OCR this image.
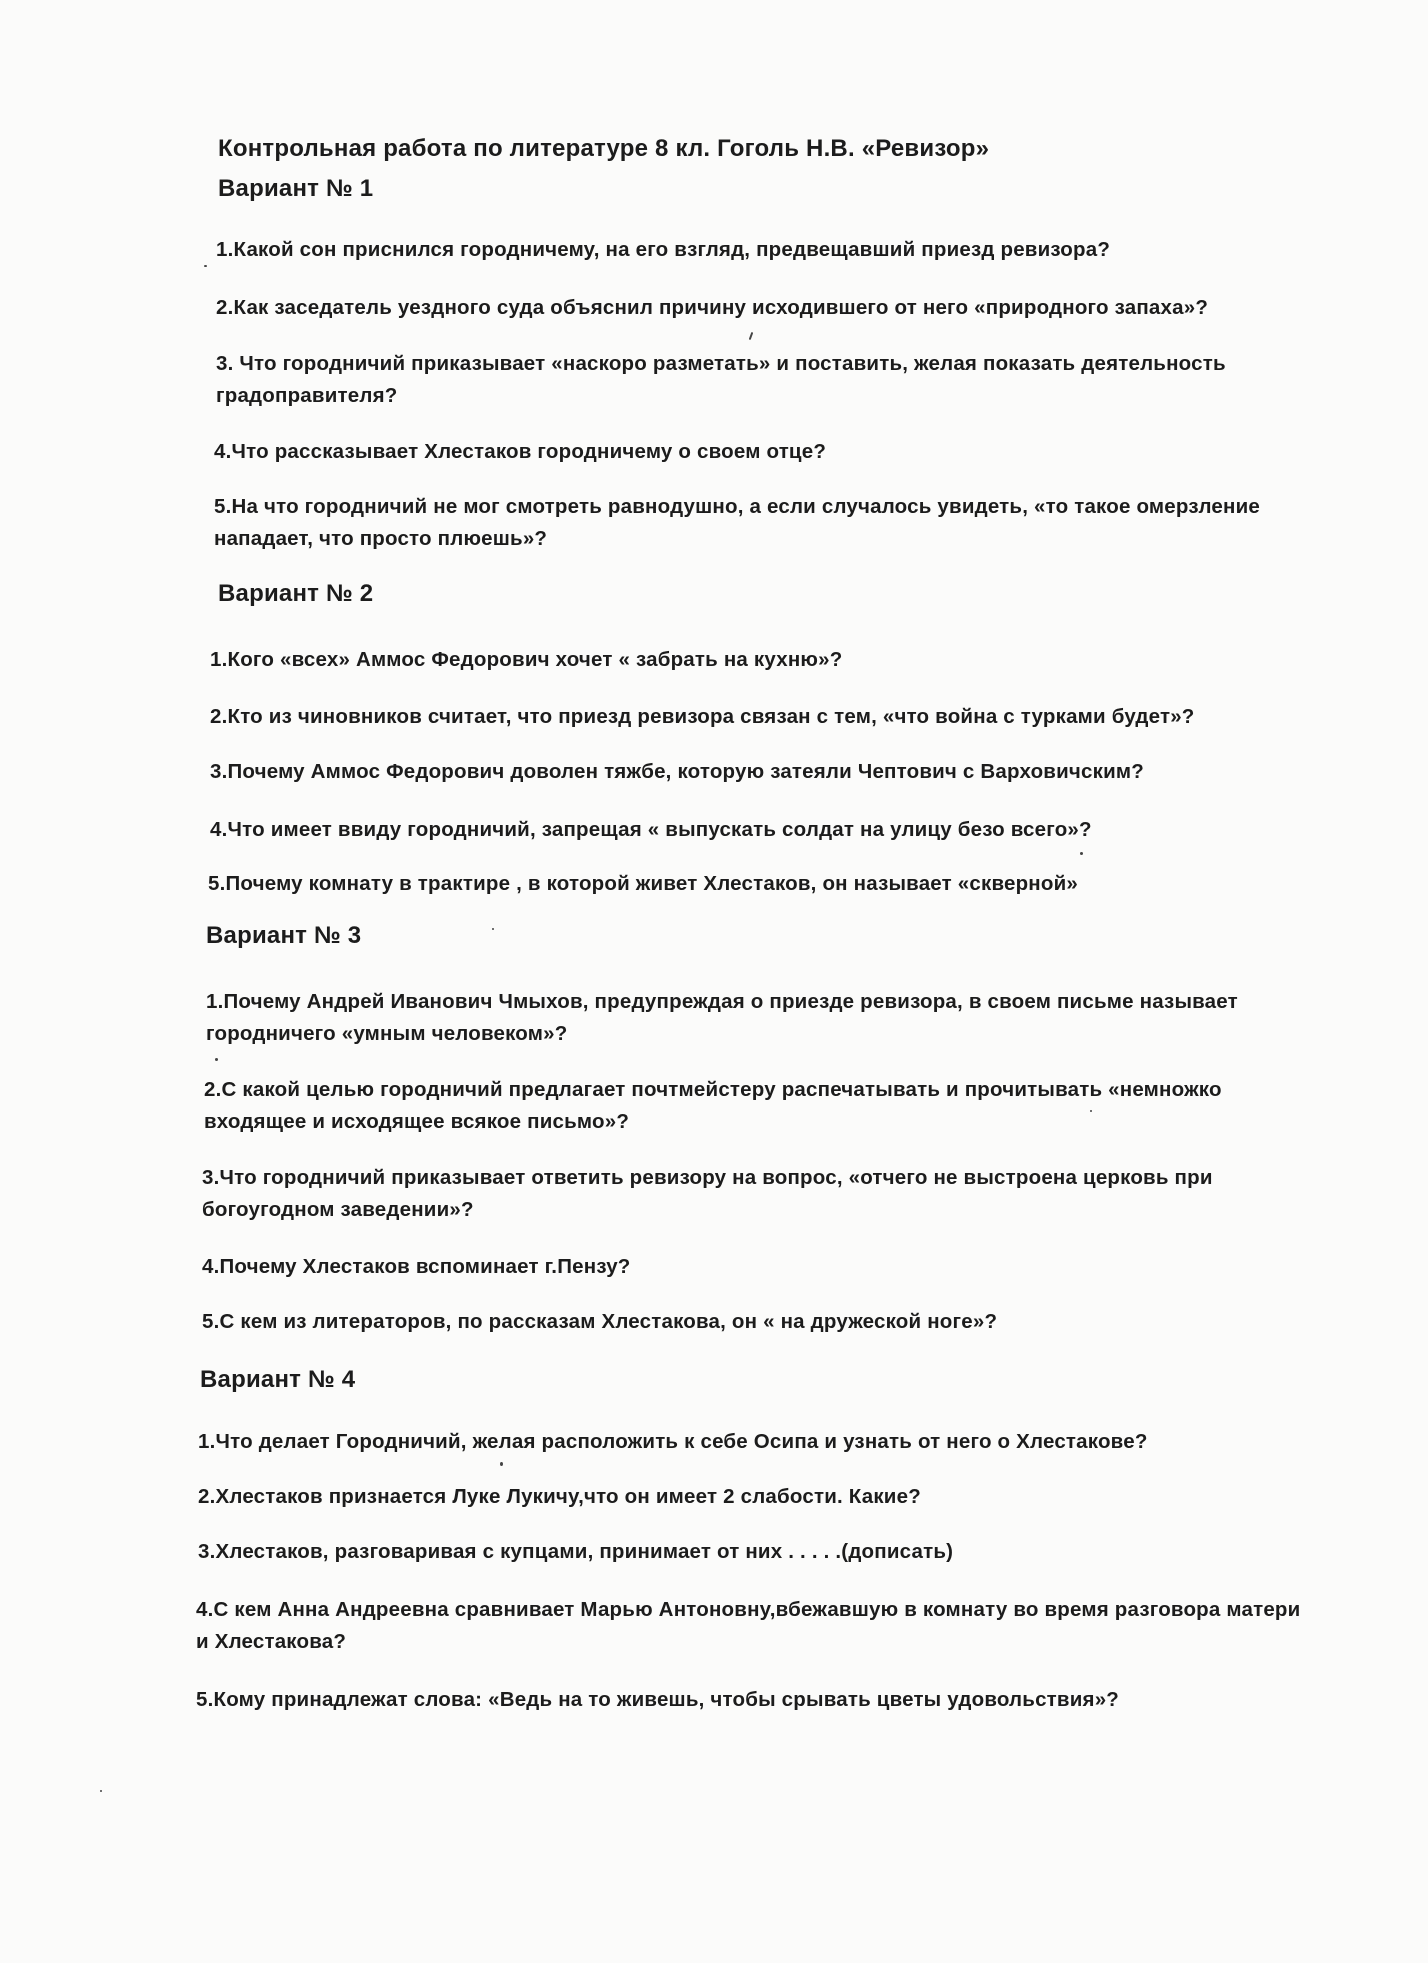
Контрольная работа по литературе 8 кл. Гоголь Н.В. «Ревизор»
Вариант № 1
1.Какой сон приснился городничему, на его взгляд, предвещавший приезд ревизора?
2.Как заседатель уездного суда объяснил причину исходившего от него «природного запаха»?
3. Что городничий приказывает «наскоро разметать» и поставить, желая показать деятельность
градоправителя?
4.Что рассказывает Хлестаков городничему о своем отце?
5.На что городничий не мог смотреть равнодушно, а если случалось увидеть, «то такое омерзление
нападает, что просто плюешь»?
Вариант № 2
1.Кого «всех» Аммос Федорович хочет « забрать на кухню»?
2.Кто из чиновников считает, что приезд ревизора связан с тем, «что война с турками будет»?
3.Почему Аммос Федорович доволен тяжбе, которую затеяли Чептович с Варховичским?
4.Что имеет ввиду городничий, запрещая « выпускать солдат на улицу безо всего»?
5.Почему комнату в трактире , в которой живет Хлестаков, он называет «скверной»
Вариант № 3
1.Почему Андрей Иванович Чмыхов, предупреждая о приезде ревизора, в своем письме называет
городничего «умным человеком»?
2.С какой целью городничий предлагает почтмейстеру распечатывать и прочитывать «немножко
входящее и исходящее всякое письмо»?
3.Что городничий приказывает ответить ревизору на вопрос, «отчего не выстроена церковь при
богоугодном заведении»?
4.Почему Хлестаков вспоминает г.Пензу?
5.С кем из литераторов, по рассказам Хлестакова, он « на дружеской ноге»?
Вариант № 4
1.Что делает Городничий, желая расположить к себе Осипа и узнать от него о Хлестакове?
2.Хлестаков признается Луке Лукичу,что он имеет 2 слабости. Какие?
3.Хлестаков, разговаривая с купцами, принимает от них . . . . .(дописать)
4.С кем Анна Андреевна сравнивает Марью Антоновну,вбежавшую в комнату во время разговора матери
и Хлестакова?
5.Кому принадлежат слова: «Ведь на то живешь, чтобы срывать цветы удовольствия»?
